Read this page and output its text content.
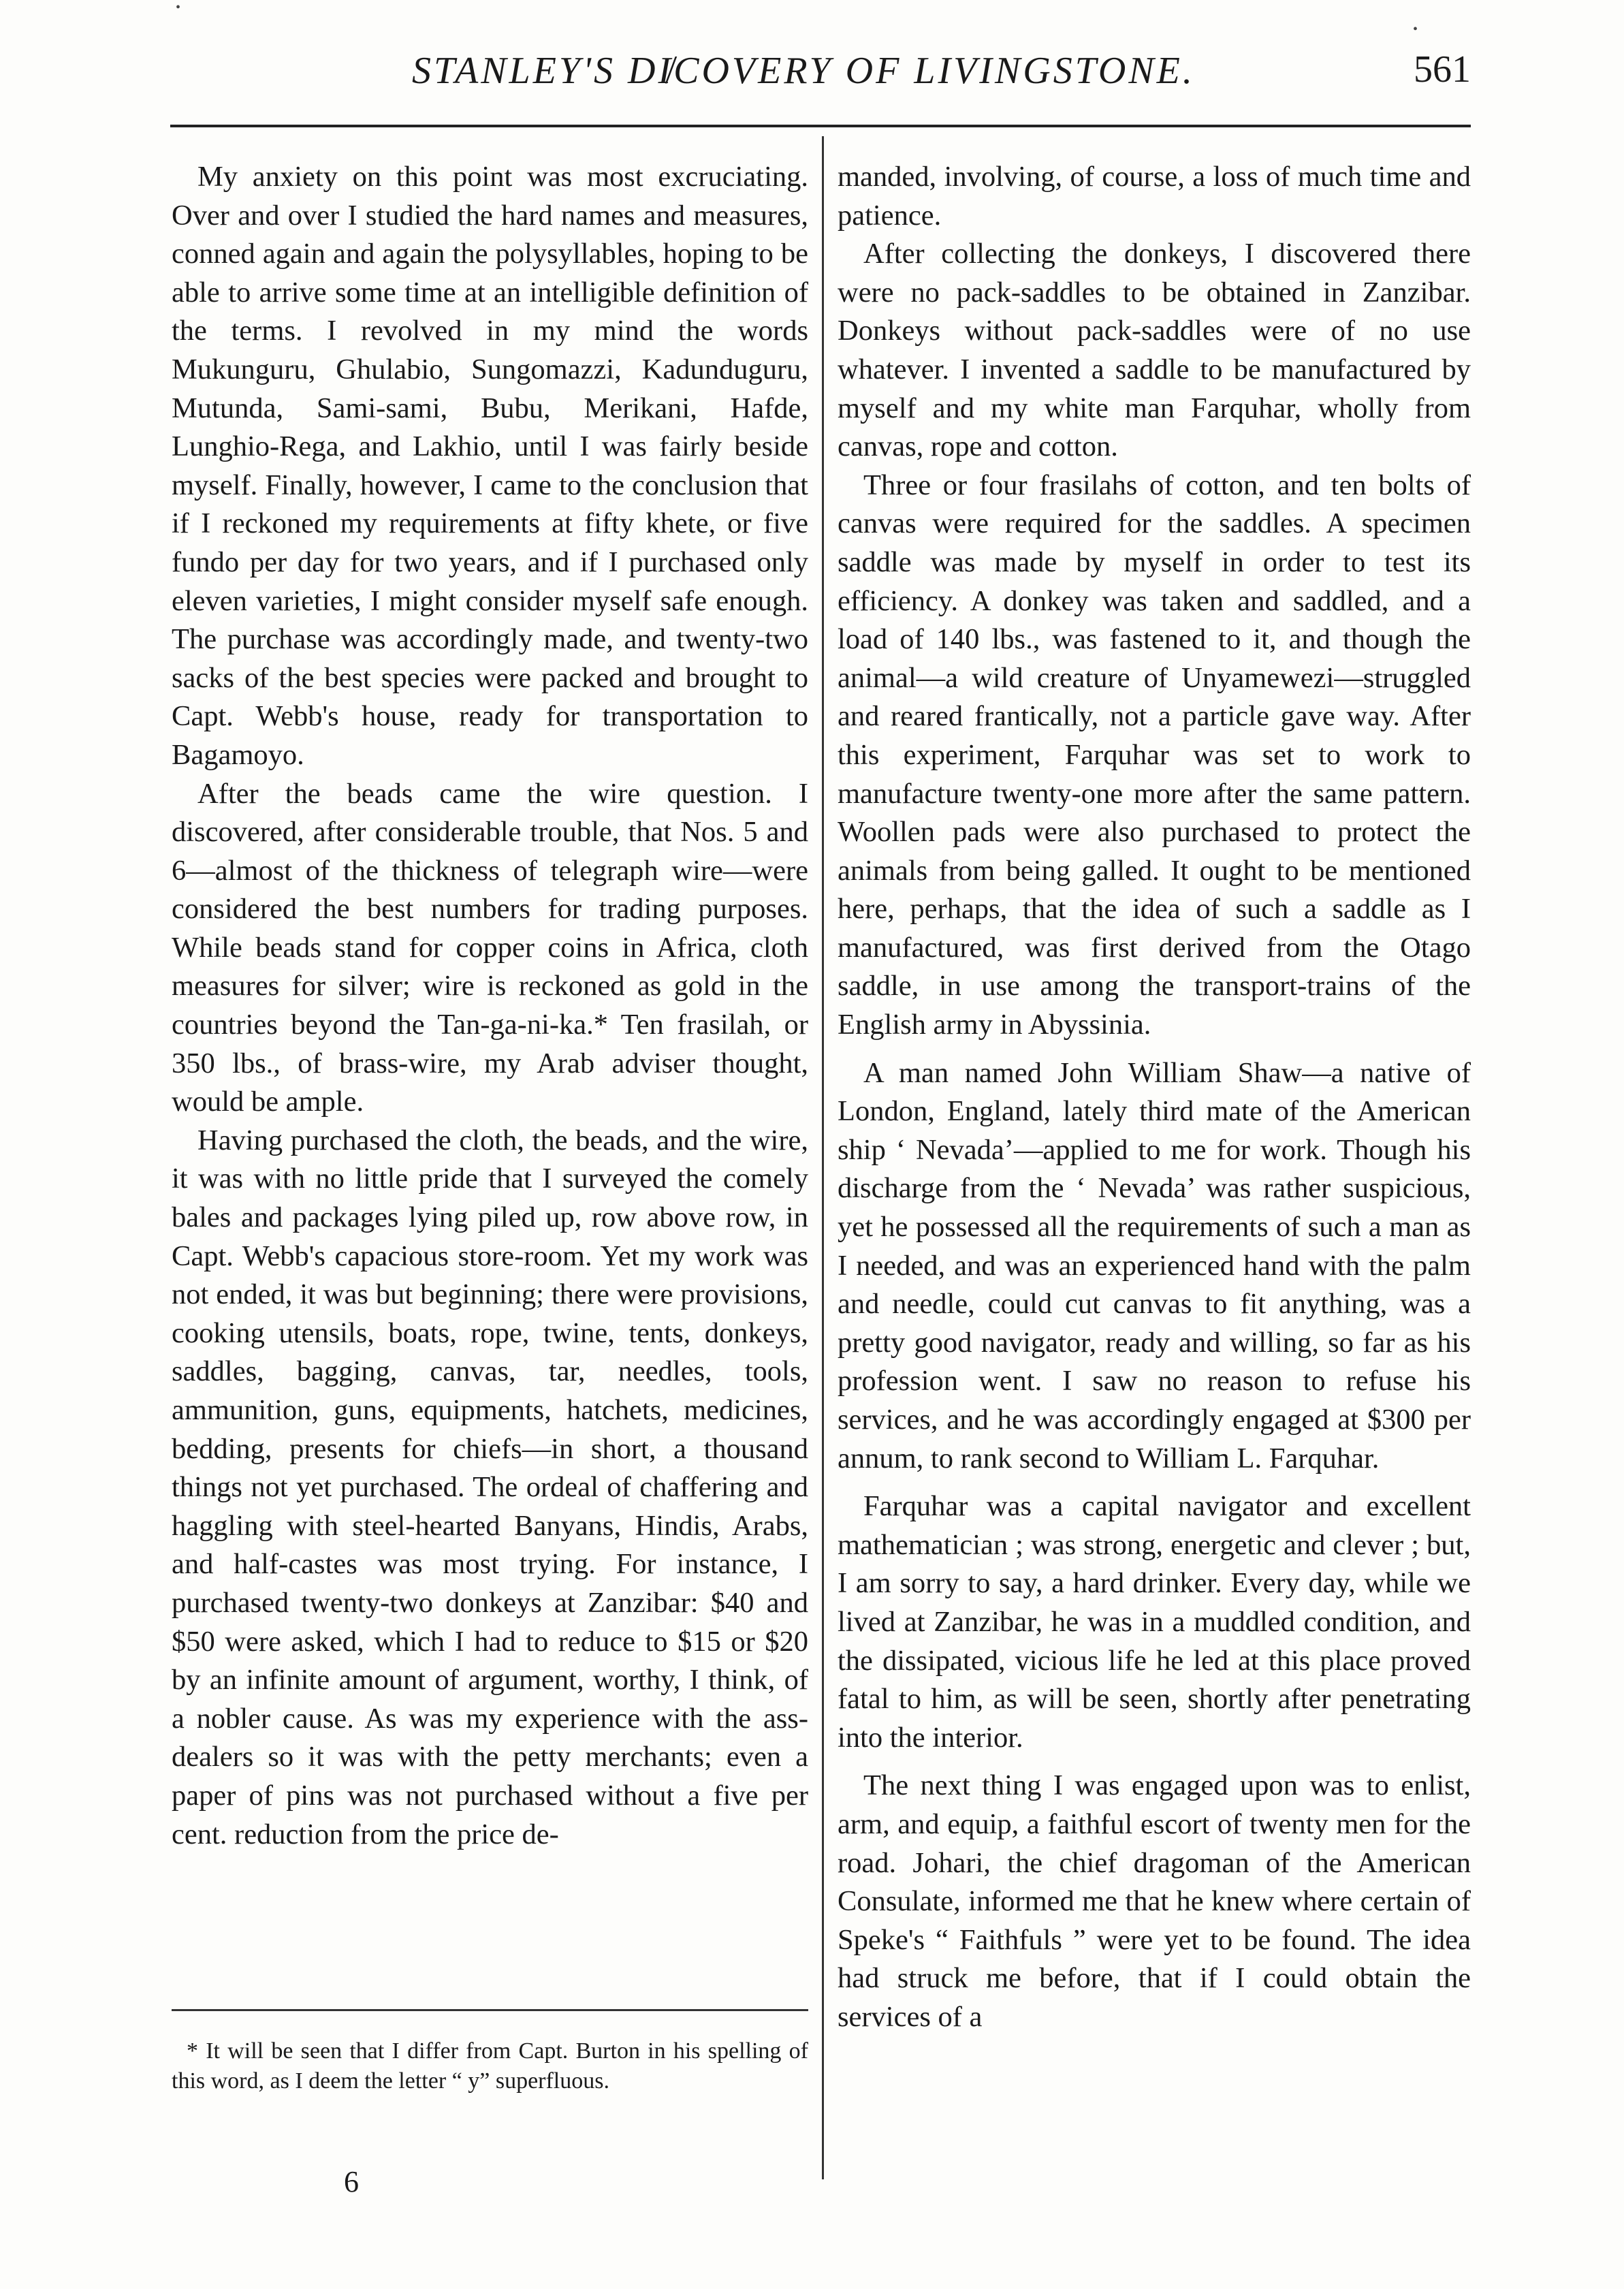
STANLEY'S DI̸COVERY OF LIVINGSTONE.	561
•
•

My anxiety on this point was most excruciating. Over and over I studied the hard names and measures, conned again and again the polysyllables, hoping to be able to arrive some time at an intelligible definition of the terms. I revolved in my mind the words Mukunguru, Ghulabio, Sungomazzi, Kadunduguru, Mutunda, Sami-sami, Bubu, Merikani, Hafde, Lunghio-Rega, and Lakhio, until I was fairly beside myself. Finally, however, I came to the conclusion that if I reckoned my requirements at fifty khete, or five fundo per day for two years, and if I purchased only eleven varieties, I might consider myself safe enough. The purchase was accordingly made, and twenty-two sacks of the best species were packed and brought to Capt. Webb's house, ready for transportation to Bagamoyo.

After the beads came the wire question. I discovered, after considerable trouble, that Nos. 5 and 6—almost of the thickness of telegraph wire—were considered the best numbers for trading purposes. While beads stand for copper coins in Africa, cloth measures for silver; wire is reckoned as gold in the countries beyond the Tan-ga-ni-ka.* Ten frasilah, or 350 lbs., of brass-wire, my Arab adviser thought, would be ample.

Having purchased the cloth, the beads, and the wire, it was with no little pride that I surveyed the comely bales and packages lying piled up, row above row, in Capt. Webb's capacious store-room. Yet my work was not ended, it was but beginning; there were provisions, cooking utensils, boats, rope, twine, tents, donkeys, saddles, bagging, canvas, tar, needles, tools, ammunition, guns, equipments, hatchets, medicines, bedding, presents for chiefs—in short, a thousand things not yet purchased. The ordeal of chaffering and haggling with steel-hearted Banyans, Hindis, Arabs, and half-castes was most trying. For instance, I purchased twenty-two donkeys at Zanzibar: $40 and $50 were asked, which I had to reduce to $15 or $20 by an infinite amount of argument, worthy, I think, of a nobler cause. As was my experience with the ass-dealers so it was with the petty merchants; even a paper of pins was not purchased without a five per cent. reduction from the price de-

manded, involving, of course, a loss of much time and patience.

After collecting the donkeys, I discovered there were no pack-saddles to be obtained in Zanzibar. Donkeys without pack-saddles were of no use whatever. I invented a saddle to be manufactured by myself and my white man Farquhar, wholly from canvas, rope and cotton.

Three or four frasilahs of cotton, and ten bolts of canvas were required for the saddles. A specimen saddle was made by myself in order to test its efficiency. A donkey was taken and saddled, and a load of 140 lbs., was fastened to it, and though the animal—a wild creature of Unyamewezi—struggled and reared frantically, not a particle gave way. After this experiment, Farquhar was set to work to manufacture twenty-one more after the same pattern. Woollen pads were also purchased to protect the animals from being galled. It ought to be mentioned here, perhaps, that the idea of such a saddle as I manufactured, was first derived from the Otago saddle, in use among the transport-trains of the English army in Abyssinia.

A man named John William Shaw—a native of London, England, lately third mate of the American ship ‘ Nevada’—applied to me for work. Though his discharge from the ‘ Nevada’ was rather suspicious, yet he possessed all the requirements of such a man as I needed, and was an experienced hand with the palm and needle, could cut canvas to fit anything, was a pretty good navigator, ready and willing, so far as his profession went. I saw no reason to refuse his services, and he was accordingly engaged at $300 per annum, to rank second to William L. Farquhar.

Farquhar was a capital navigator and excellent mathematician ; was strong, energetic and clever ; but, I am sorry to say, a hard drinker. Every day, while we lived at Zanzibar, he was in a muddled condition, and the dissipated, vicious life he led at this place proved fatal to him, as will be seen, shortly after penetrating into the interior.

The next thing I was engaged upon was to enlist, arm, and equip, a faithful escort of twenty men for the road. Johari, the chief dragoman of the American Consulate, informed me that he knew where certain of Speke's “ Faithfuls ” were yet to be found. The idea had struck me before, that if I could obtain the services of a

* It will be seen that I differ from Capt. Burton in his spelling of this word, as I deem the letter “ y” superfluous.

6
